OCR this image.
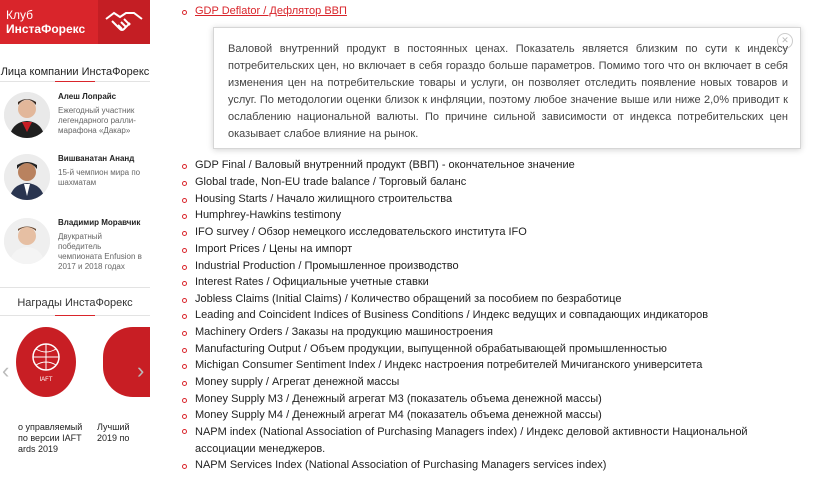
Клуб
ИнстаФорекс
Лица компании ИнстаФорекс
Алеш Лопрайс
Ежегодный участник легендарного ралли-марафона «Дакар»
Вишванатан Ананд
15-й чемпион мира по шахматам
Владимир Моравчик
Двукратный победитель чемпионата Enfusion в 2017 и 2018 годах
Награды ИнстаФорекс
‹	IAFT	›
о управляемый
по версии IAFT
ards 2019
Лучший
2019 по
GDP Deflator / Дефлятор ВВП
GDP Final / Валовый внутренний продукт (ВВП) - окончательное значение
Global trade, Non-EU trade balance / Торговый баланс
Housing Starts / Начало жилищного строительства
Humphrey-Hawkins testimony
IFO survey / Обзор немецкого исследовательского института IFO
Import Prices / Цены на импорт
Industrial Production / Промышленное производство
Interest Rates / Официальные учетные ставки
Jobless Claims (Initial Claims) / Количество обращений за пособием по безработице
Leading and Coincident Indices of Business Conditions / Индекс ведущих и совпадающих индикаторов
Machinery Orders / Заказы на продукцию машиностроения
Manufacturing Output / Объем продукции, выпущенной обрабатывающей промышленностью
Michigan Consumer Sentiment Index / Индекс настроения потребителей Мичиганского университета
Money supply / Агрегат денежной массы
Money Supply M3 / Денежный агрегат M3 (показатель объема денежной массы)
Money Supply M4 / Денежный агрегат M4 (показатель объема денежной массы)
NAPM index (National Association of Purchasing Managers index) / Индекс деловой активности Национальной ассоциации менеджеров.
NAPM Services Index (National Association of Purchasing Managers services index)
✕
Валовой внутренний продукт в постоянных ценах. Показатель является близким по сути к индексу потребительских цен, но включает в себя гораздо больше параметров. Помимо того что он включает в себя изменения цен на потребительские товары и услуги, он позволяет отследить появление новых товаров и услуг. По методологии оценки близок к инфляции, поэтому любое значение выше или ниже 2,0% приводит к ослаблению национальной валюты. По причине сильной зависимости от индекса потребительских цен оказывает слабое влияние на рынок.
